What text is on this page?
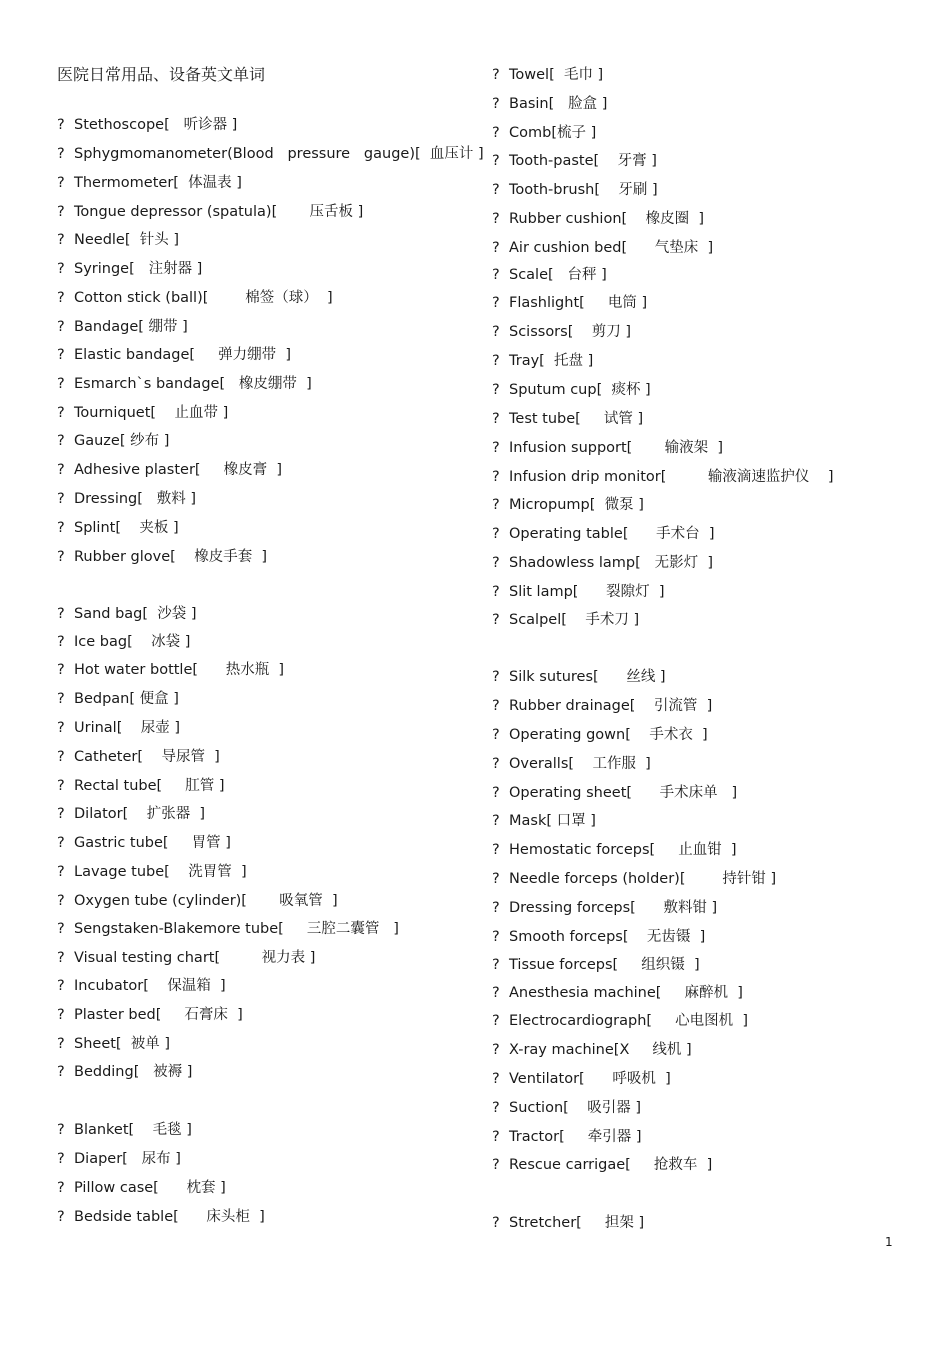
医院日常用品、设备英文单词
? Stethoscope[   听诊器 ]
? Sphygmomanometer(Blood   pressure   gauge)[  血压计 ]
? Thermometer[  体温表 ]
? Tongue depressor (spatula)[       压舌板 ]
? Needle[  针头 ]
? Syringe[   注射器 ]
? Cotton stick (ball)[        棉签（球）  ]
? Bandage[ 绷带 ]
? Elastic bandage[     弹力绷带  ]
? Esmarch`s bandage[   橡皮绷带  ]
? Tourniquet[    止血带 ]
? Gauze[ 纱布 ]
? Adhesive plaster[     橡皮膏  ]
? Dressing[   敷料 ]
? Splint[    夹板 ]
? Rubber glove[    橡皮手套  ]
? Sand bag[  沙袋 ]
? Ice bag[    冰袋 ]
? Hot water bottle[      热水瓶  ]
? Bedpan[ 便盒 ]
? Urinal[    尿壶 ]
? Catheter[    导尿管  ]
? Rectal tube[     肛管 ]
? Dilator[    扩张器  ]
? Gastric tube[     胃管 ]
? Lavage tube[    洗胃管  ]
? Oxygen tube (cylinder)[       吸氧管  ]
? Sengstaken-Blakemore tube[     三腔二囊管   ]
? Visual testing chart[         视力表 ]
? Incubator[    保温箱  ]
? Plaster bed[     石膏床  ]
? Sheet[  被单 ]
? Bedding[   被褥 ]
? Blanket[    毛毯 ]
? Diaper[   尿布 ]
? Pillow case[      枕套 ]
? Bedside table[      床头柜  ]
? Towel[  毛巾 ]
? Basin[   脸盒 ]
? Comb[梳子 ]
? Tooth-paste[    牙膏 ]
? Tooth-brush[    牙刷 ]
? Rubber cushion[    橡皮圈  ]
? Air cushion bed[      气垫床  ]
? Scale[   台秤 ]
? Flashlight[     电筒 ]
? Scissors[    剪刀 ]
? Tray[  托盘 ]
? Sputum cup[  痰杯 ]
? Test tube[     试管 ]
? Infusion support[       输液架  ]
? Infusion drip monitor[         输液滴速监护仪    ]
? Micropump[  微泵 ]
? Operating table[      手术台  ]
? Shadowless lamp[   无影灯  ]
? Slit lamp[      裂隙灯  ]
? Scalpel[    手术刀 ]
? Silk sutures[      丝线 ]
? Rubber drainage[    引流管  ]
? Operating gown[    手术衣  ]
? Overalls[    工作服  ]
? Operating sheet[      手术床单   ]
? Mask[ 口罩 ]
? Hemostatic forceps[     止血钳  ]
? Needle forceps (holder)[        持针钳 ]
? Dressing forceps[      敷料钳 ]
? Smooth forceps[    无齿镊  ]
? Tissue forceps[     组织镊  ]
? Anesthesia machine[     麻醉机  ]
? Electrocardiograph[     心电图机  ]
? X-ray machine[X     线机 ]
? Ventilator[      呼吸机  ]
? Suction[    吸引器 ]
? Tractor[     牵引器 ]
? Rescue carrigae[     抢救车  ]
? Stretcher[     担架 ]
1
